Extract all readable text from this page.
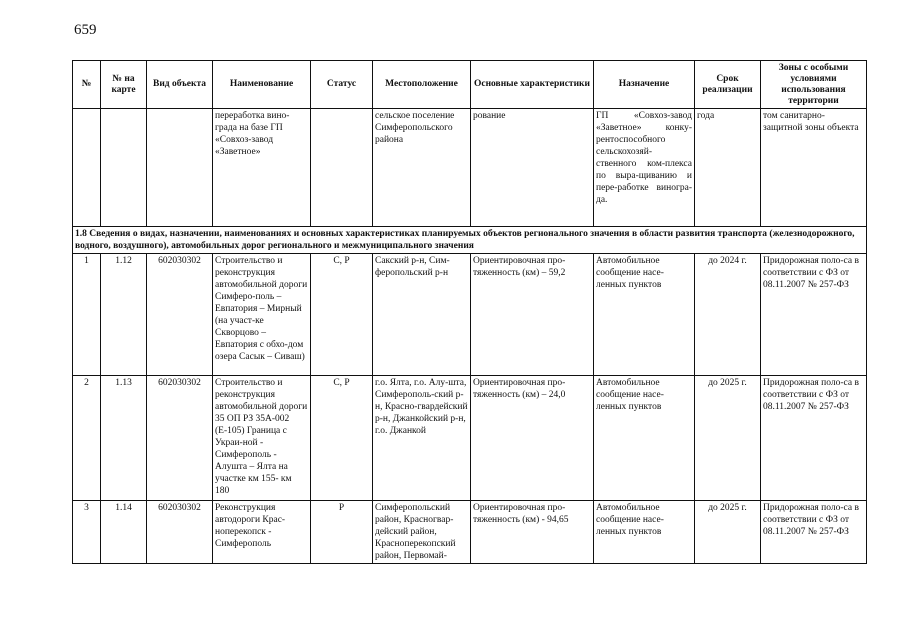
659
№	№ на карте	Вид объекта	Наименование	Статус	Местоположение	Основные характеристики	Назначение	Срок реализации	Зоны с особыми условиями использования территории
			переработка вино-града на базе ГП «Совхоз-завод «Заветное»		сельское поселение Симферопольского района	рование	ГП «Совхоз-завод «Заветное» конку-рентоспособного сельскохозяй-ственного ком-плекса по выра-щиванию и пере-работке виногра-да.	года	том санитарно-защитной зоны объекта
1.8 Сведения о видах, назначении, наименованиях и основных характеристиках планируемых объектов регионального значения в области развития транспорта (железнодорожного, водного, воздушного), автомобильных дорог регионального и межмуниципального значения									
1	1.12	602030302	Строительство и реконструкция автомобильной дороги Симферо-поль – Евпатория – Мирный (на участ-ке Скворцово – Евпатория с обхо-дом озера Сасык – Сиваш)	С, Р	Сакский р-н, Сим-феропольский р-н	Ориентировочная про-тяженность (км) – 59,2	Автомобильное сообщение насе-ленных пунктов	до 2024 г.	Придорожная поло-са в соответствии с ФЗ от 08.11.2007 № 257-ФЗ
2	1.13	602030302	Строительство и реконструкция автомобильной дороги 35 ОП РЗ 35А-002 (Е-105) Граница с Украи-ной - Симферополь - Алушта – Ялта на участке км 155- км 180	С, Р	г.о. Ялта, г.о. Алу-шта, Симферополь-ский р-н, Красно-гвардейский р-н, Джанкойский р-н, г.о. Джанкой	Ориентировочная про-тяженность (км) – 24,0	Автомобильное сообщение насе-ленных пунктов	до 2025 г.	Придорожная поло-са в соответствии с ФЗ от 08.11.2007 № 257-ФЗ
3	1.14	602030302	Реконструкция автодороги Крас-ноперекопск - Симферополь	Р	Симферопольский район, Красногвар-дейский район, Красноперекопский район, Первомай-	Ориентировочная про-тяженность (км) - 94,65	Автомобильное сообщение насе-ленных пунктов	до 2025 г.	Придорожная поло-са в соответствии с ФЗ от 08.11.2007 № 257-ФЗ
